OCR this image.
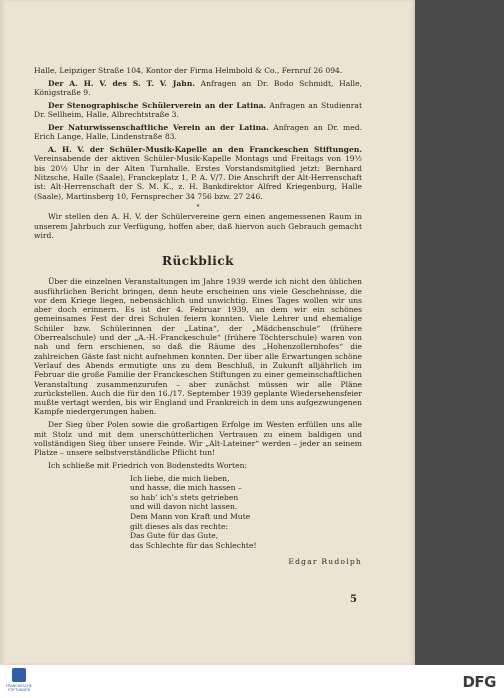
Halle, Leipziger Straße 104, Kontor der Firma Helmbold & Co., Fernruf 26 094.

Der A. H. V. des S. T. V. Jahn. Anfragen an Dr. Bodo Schmidt, Halle, Königstraße 9.

Der Stenographische Schülerverein an der Latina. Anfragen an Studienrat Dr. Sellheim, Halle, Albrechtstraße 3.

Der Naturwissenschaftliche Verein an der Latina. Anfragen an Dr. med. Erich Lange, Halle, Lindenstraße 83.

A. H. V. der Schüler-Musik-Kapelle an den Franckeschen Stiftungen. Vereinsabende der aktiven Schüler-Musik-Kapelle Montags und Freitags von 19½ bis 20½ Uhr in der Alten Turnhalle. Erstes Vorstandsmitglied jetzt: Bernhard Nitzsche, Halle (Saale), Franckeplatz 1, P. A. V/7. Die Anschrift der Alt-Herrenschaft ist: Alt-Herrenschaft der S. M. K., z. H. Bankdirektor Alfred Kriegenburg, Halle (Saale), Martinsberg 10, Fernsprecher 34 756 bzw. 27 246.

*

Wir stellen den A. H. V. der Schülervereine gern einen angemessenen Raum in unserem Jahrbuch zur Verfügung, hoffen aber, daß hiervon auch Gebrauch gemacht wird.

Rückblick

Über die einzelnen Veranstaltungen im Jahre 1939 werde ich nicht den üblichen ausführlichen Bericht bringen, denn heute erscheinen uns viele Geschehnisse, die vor dem Kriege liegen, nebensächlich und unwichtig. Eines Tages wollen wir uns aber doch erinnern. Es ist der 4. Februar 1939, an dem wir ein schönes gemeinsames Fest der drei Schulen feiern konnten. Viele Lehrer und ehemalige Schüler bzw. Schülerinnen der „Latina“, der „Mädchenschule“ (frühere Oberrealschule) und der „A.-H.-Franckeschule“ (frühere Töchterschule) waren von nah und fern erschienen, so daß die Räume des „Hohenzollernhofes“ die zahlreichen Gäste fast nicht aufnehmen konnten. Der über alle Erwartungen schöne Verlauf des Abends ermutigte uns zu dem Beschluß, in Zukunft alljährlich im Februar die große Familie der Franckeschen Stiftungen zu einer gemeinschaftlichen Veranstaltung zusammenzurufen – aber zunächst müssen wir alle Pläne zurückstellen. Auch die für den 16./17. September 1939 geplante Wiedersehensfeier mußte vertagt werden, bis wir England und Frankreich in dem uns aufgezwungenen Kampfe niedergerungen haben.

Der Sieg über Polen sowie die großartigen Erfolge im Westen erfüllen uns alle mit Stolz und mit dem unerschütterlichen Vertrauen zu einem baldigen und vollständigen Sieg über unsere Feinde. Wir „Alt-Lateiner“ werden – jeder an seinem Platze – unsere selbstverständliche Pflicht tun!

Ich schließe mit Friedrich von Bodenstedts Worten:

Ich liebe, die mich lieben,
und hasse, die mich hassen –
so hab’ ich’s stets getrieben
und will davon nicht lassen.
Dem Mann von Kraft und Mute
gilt dieses als das rechte:
Das Gute für das Gute,
das Schlechte für das Schlechte!
Edgar Rudolph
5
FRANCKESCHE STIFTUNGEN	DFG
